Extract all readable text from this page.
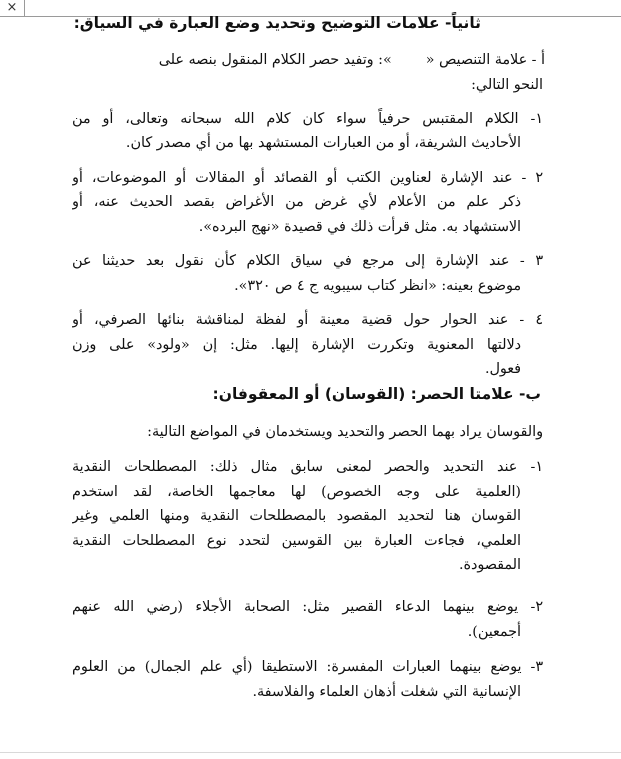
×
ثانياً- علامات التوضيح وتحديد وضع العبارة في السياق:
أ - علامة التنصيص «»: وتفيد حصر الكلام المنقول بنصه على
النحو التالي:
١- الكلام المقتبس حرفياً سواء كان كلام الله سبحانه وتعالى، أو من
الأحاديث الشريفة، أو من العبارات المستشهد بها من أي مصدر كان.
٢ - عند الإشارة لعناوين الكتب أو القصائد أو المقالات أو الموضوعات، أو
ذكر علم من الأعلام لأي غرض من الأغراض بقصد الحديث عنه، أو
الاستشهاد به. مثل قرأت ذلك في قصيدة «نهج البرده».
٣ - عند الإشارة إلى مرجع في سياق الكلام كأن نقول بعد حديثنا عن
موضوع بعينه: «انظر كتاب سيبويه ج ٤ ص ٣٢٠».
٤ - عند الحوار حول قضية معينة أو لفظة لمناقشة بنائها الصرفي، أو
دلالتها المعنوية وتكررت الإشارة إليها. مثل: إن «ولود» على وزن
فعول.
ب- علامتا الحصر: (القوسان) أو المعقوفان:
والقوسان يراد بهما الحصر والتحديد ويستخدمان في المواضع التالية:
١- عند التحديد والحصر لمعنى سابق مثال ذلك: المصطلحات النقدية
(العلمية على وجه الخصوص) لها معاجمها الخاصة، لقد استخدم
القوسان هنا لتحديد المقصود بالمصطلحات النقدية ومنها العلمي وغير
العلمي، فجاءت العبارة بين القوسين لتحدد نوع المصطلحات النقدية
المقصودة.
٢- يوضع بينهما الدعاء القصير مثل: الصحابة الأجلاء (رضي الله عنهم
أجمعين).
٣- يوضع بينهما العبارات المفسرة: الاستطيقا (أي علم الجمال) من العلوم
الإنسانية التي شغلت أذهان العلماء والفلاسفة.
